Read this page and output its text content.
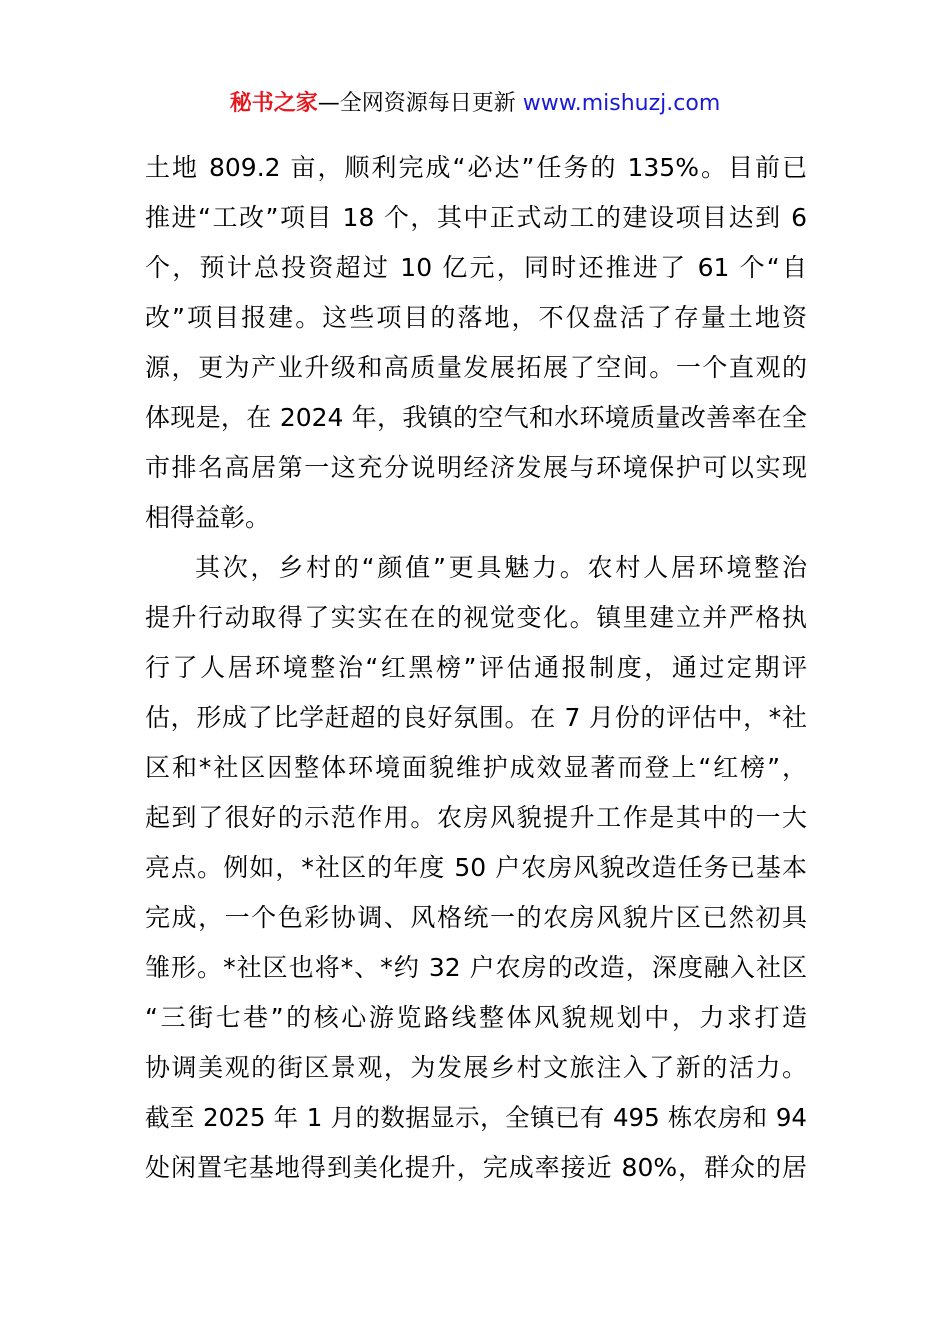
秘书之家—全网资源每日更新 www.mishuzj.com
土地 809.2 亩，顺利完成“必达”任务的 135%。目前已
推进“工改”项目 18 个，其中正式动工的建设项目达到 6
个，预计总投资超过 10 亿元，同时还推进了 61 个“自
改”项目报建。这些项目的落地，不仅盘活了存量土地资
源，更为产业升级和高质量发展拓展了空间。一个直观的
体现是，在 2024 年，我镇的空气和水环境质量改善率在全
市排名高居第一这充分说明经济发展与环境保护可以实现
相得益彰。
其次，乡村的“颜值”更具魅力。农村人居环境整治
提升行动取得了实实在在的视觉变化。镇里建立并严格执
行了人居环境整治“红黑榜”评估通报制度，通过定期评
估，形成了比学赶超的良好氛围。在 7 月份的评估中，*社
区和*社区因整体环境面貌维护成效显著而登上“红榜”，
起到了很好的示范作用。农房风貌提升工作是其中的一大
亮点。例如，*社区的年度 50 户农房风貌改造任务已基本
完成，一个色彩协调、风格统一的农房风貌片区已然初具
雏形。*社区也将*、*约 32 户农房的改造，深度融入社区
“三街七巷”的核心游览路线整体风貌规划中，力求打造
协调美观的街区景观，为发展乡村文旅注入了新的活力。
截至 2025 年 1 月的数据显示，全镇已有 495 栋农房和 94
处闲置宅基地得到美化提升，完成率接近 80%，群众的居
